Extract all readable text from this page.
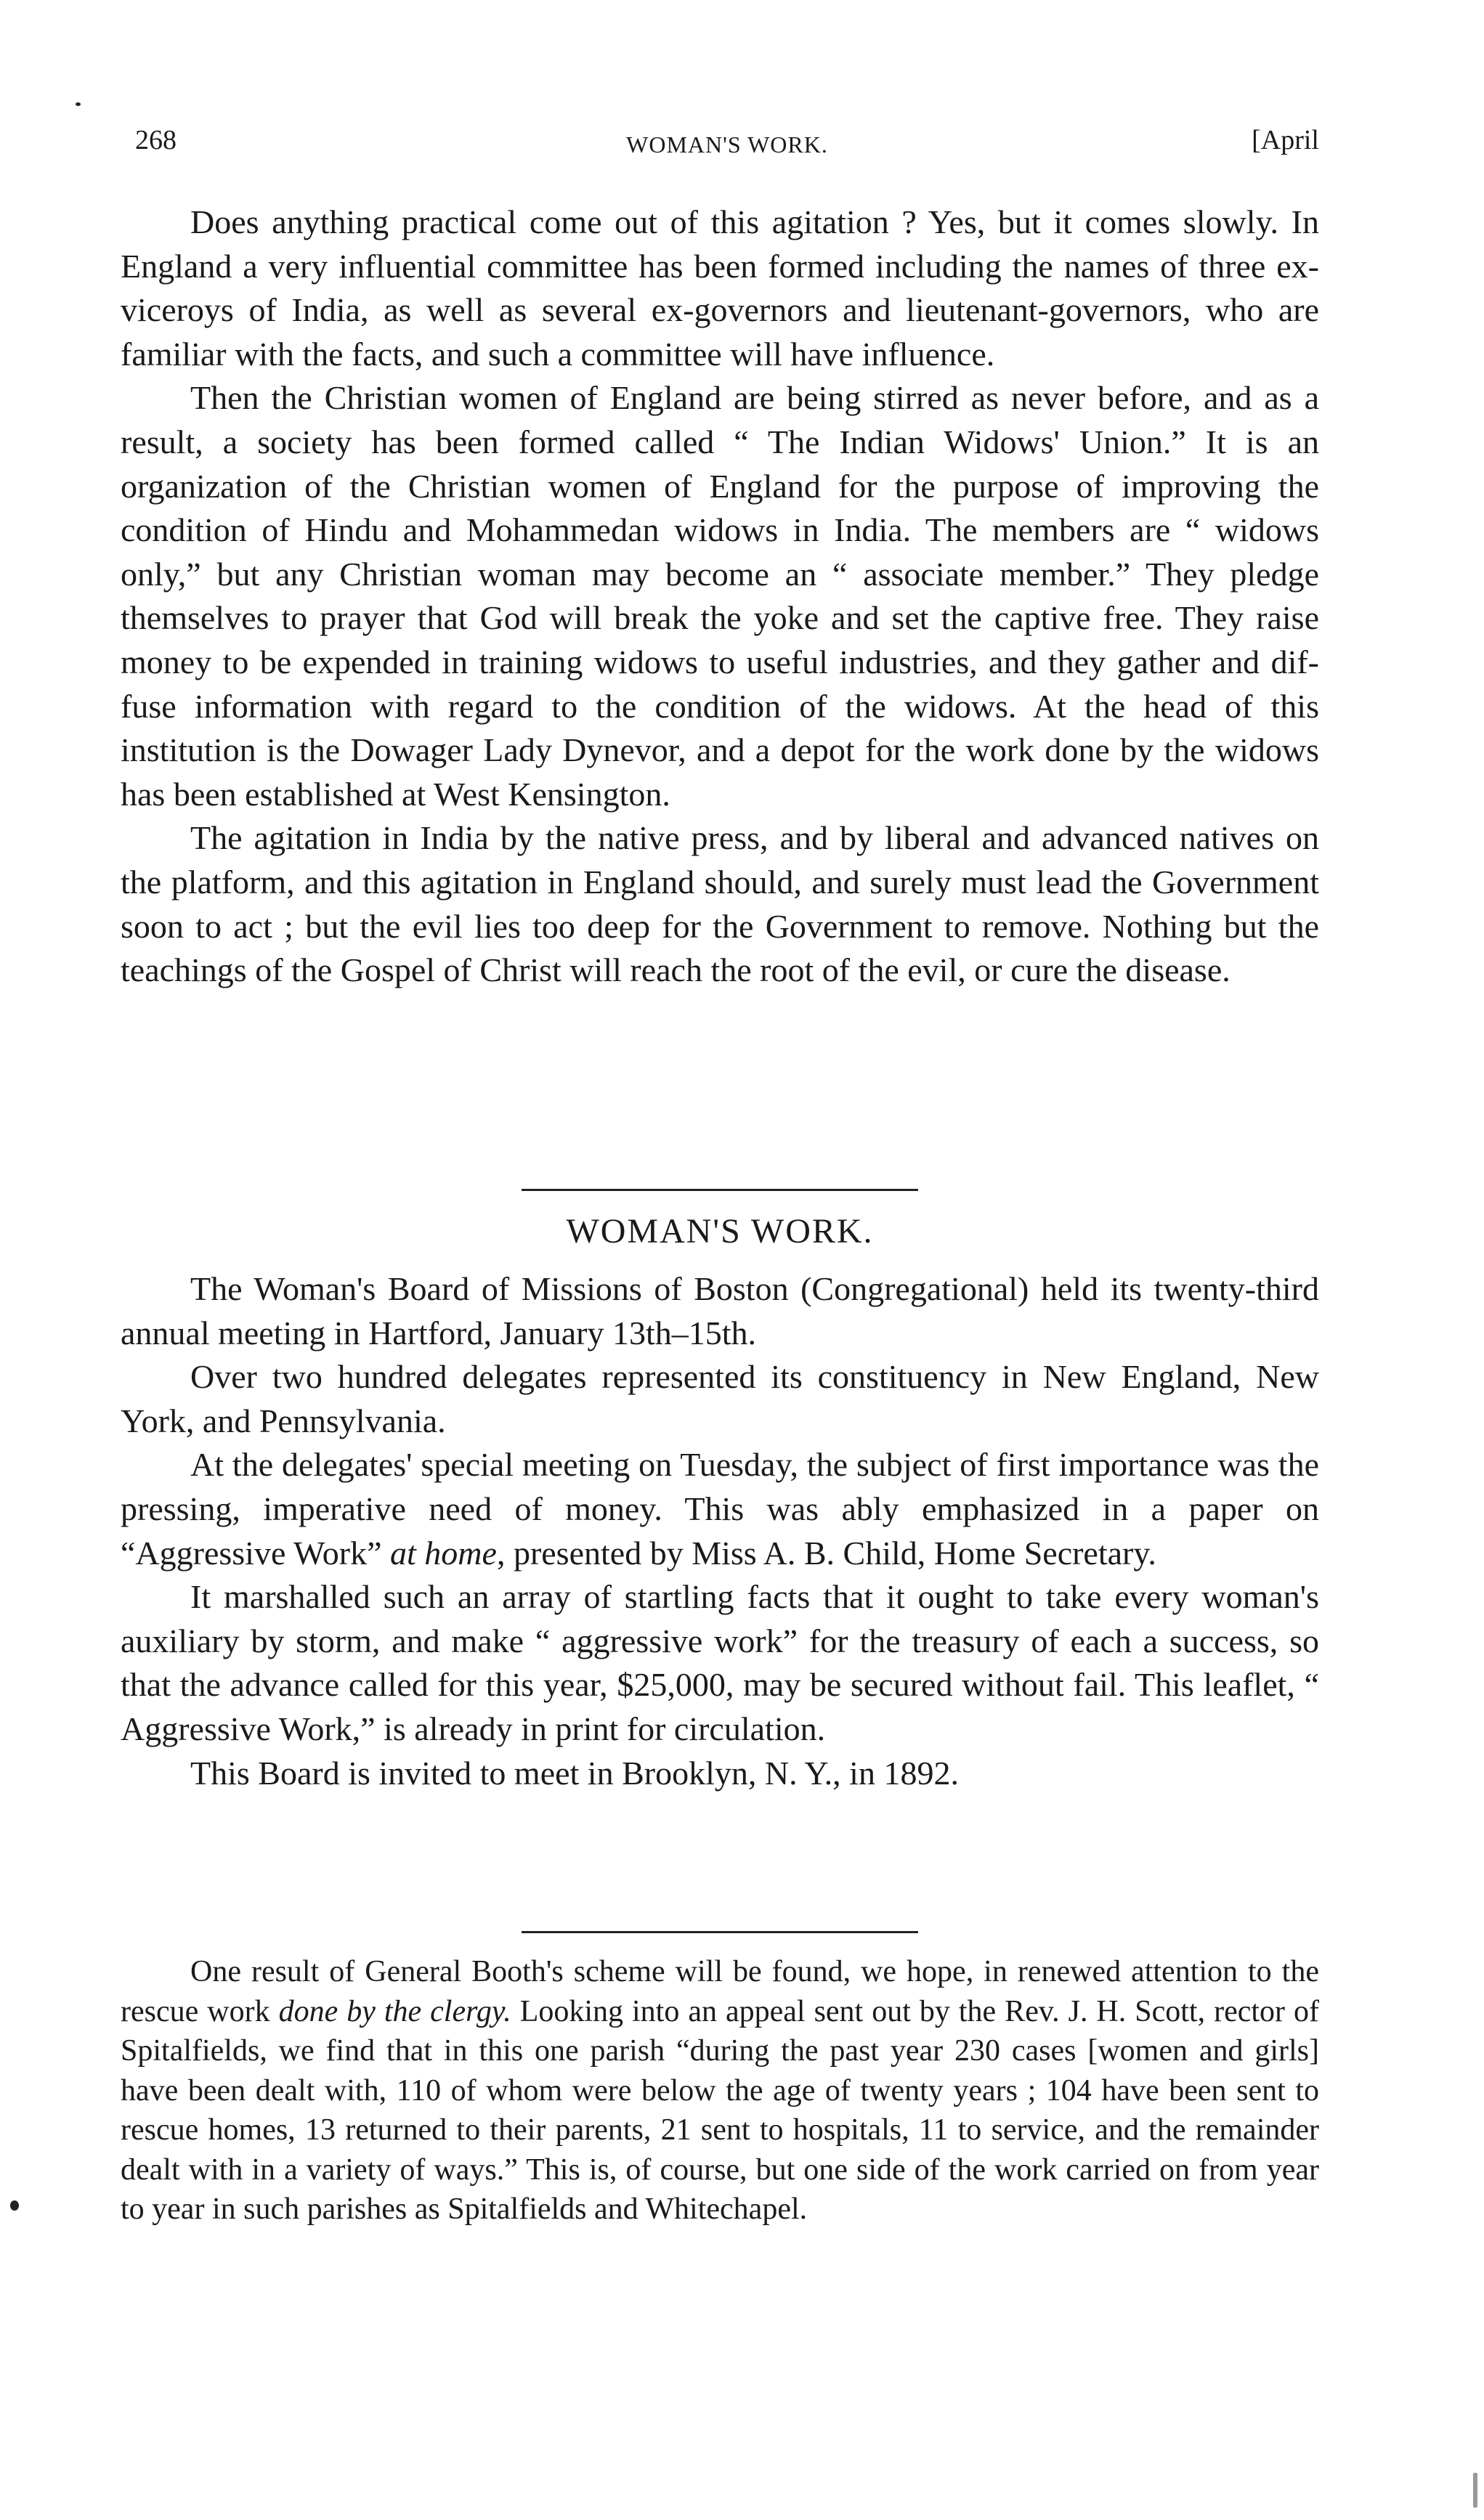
268	WOMAN'S WORK.	[April

Does anything practical come out of this agitation ? Yes, but it comes slowly. In England a very influential committee has been formed including the names of three ex-viceroys of India, as well as several ex-governors and lieutenant-governors, who are familiar with the facts, and such a committee will have influence.

Then the Christian women of England are being stirred as never before, and as a result, a society has been formed called “ The Indian Widows' Union.” It is an organization of the Christian women of England for the purpose of improving the condition of Hindu and Mohammedan widows in India. The members are “ widows only,” but any Christian woman may become an “ associate member.” They pledge themselves to prayer that God will break the yoke and set the captive free. They raise money to be expended in training widows to useful industries, and they gather and diffuse information with regard to the condition of the widows. At the head of this institution is the Dowager Lady Dynevor, and a depot for the work done by the widows has been established at West Kensington.

The agitation in India by the native press, and by liberal and advanced natives on the platform, and this agitation in England should, and surely must lead the Government soon to act ; but the evil lies too deep for the Government to remove. Nothing but the teachings of the Gospel of Christ will reach the root of the evil, or cure the disease.

WOMAN'S WORK.

The Woman's Board of Missions of Boston (Congregational) held its twenty-third annual meeting in Hartford, January 13th–15th.

Over two hundred delegates represented its constituency in New England, New York, and Pennsylvania.

At the delegates' special meeting on Tuesday, the subject of first importance was the pressing, imperative need of money. This was ably emphasized in a paper on “Aggressive Work” at home, presented by Miss A. B. Child, Home Secretary.

It marshalled such an array of startling facts that it ought to take every woman's auxiliary by storm, and make “ aggressive work” for the treasury of each a success, so that the advance called for this year, $25,000, may be secured without fail. This leaflet, “ Aggressive Work,” is already in print for circulation.

This Board is invited to meet in Brooklyn, N. Y., in 1892.

One result of General Booth's scheme will be found, we hope, in renewed attention to the rescue work done by the clergy. Looking into an appeal sent out by the Rev. J. H. Scott, rector of Spitalfields, we find that in this one parish “during the past year 230 cases [women and girls] have been dealt with, 110 of whom were below the age of twenty years ; 104 have been sent to rescue homes, 13 returned to their parents, 21 sent to hospitals, 11 to service, and the remainder dealt with in a variety of ways.” This is, of course, but one side of the work carried on from year to year in such parishes as Spitalfields and Whitechapel.
